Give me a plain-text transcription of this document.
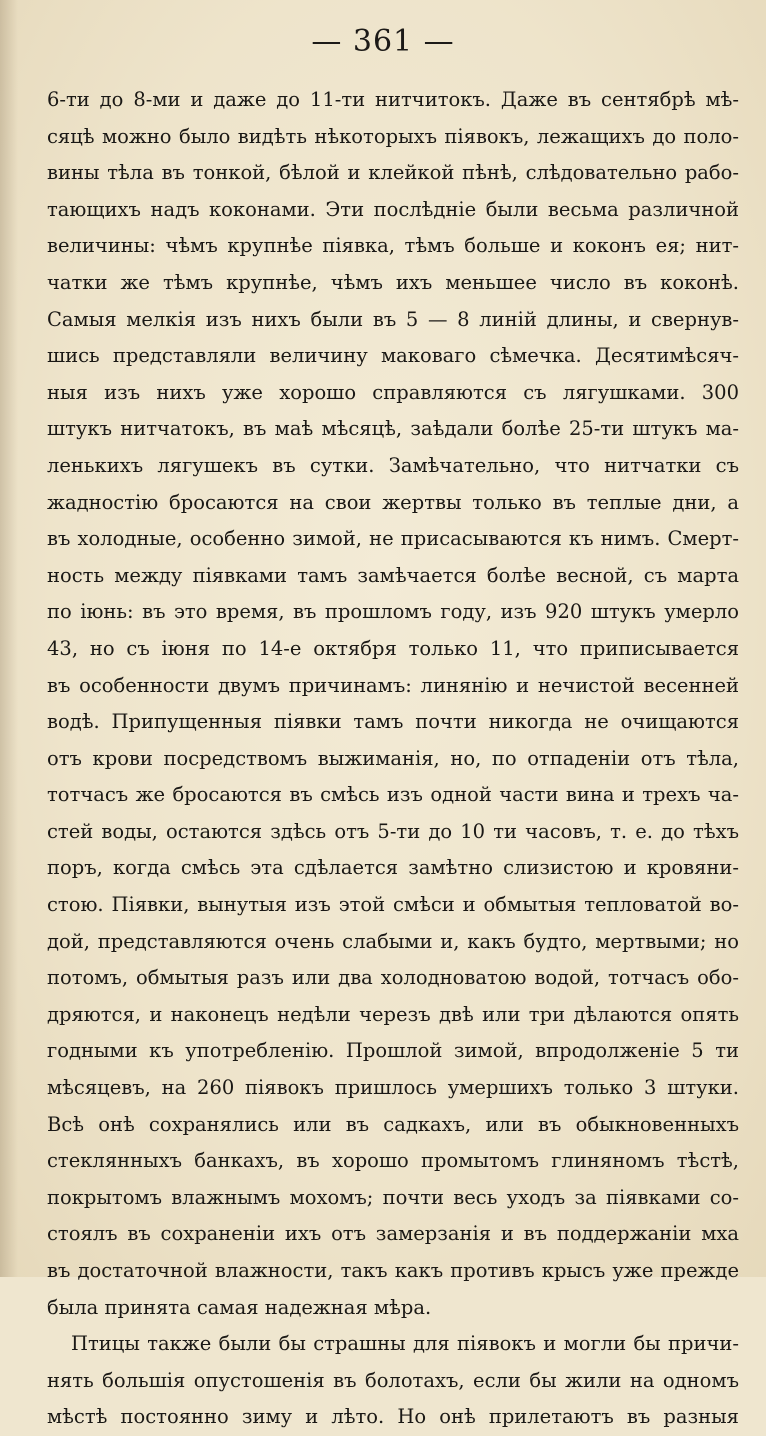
— 361 —
6-ти до 8-ми и даже до 11-ти нитчитокъ. Даже въ сентябрѣ мѣ-
сяцѣ можно было видѣть нѣкоторыхъ піявокъ, лежащихъ до поло-
вины тѣла въ тонкой, бѣлой и клейкой пѣнѣ, слѣдовательно рабо-
тающихъ надъ коконами. Эти послѣдніе были весьма различной
величины: чѣмъ крупнѣе піявка, тѣмъ больше и коконъ ея; нит-
чатки же тѣмъ крупнѣе, чѣмъ ихъ меньшее число въ коконѣ.
Самыя мелкія изъ нихъ были въ 5 — 8 линій длины, и свернув-
шись представляли величину маковаго сѣмечка. Десятимѣсяч-
ныя изъ нихъ уже хорошо справляются съ лягушками. 300
штукъ нитчатокъ, въ маѣ мѣсяцѣ, заѣдали болѣе 25-ти штукъ ма-
ленькихъ лягушекъ въ сутки. Замѣчательно, что нитчатки съ
жадностію бросаются на свои жертвы только въ теплые дни, а
въ холодные, особенно зимой, не присасываются къ нимъ. Смерт-
ность между піявками тамъ замѣчается болѣе весной, съ марта
по іюнь: въ это время, въ прошломъ году, изъ 920 штукъ умерло
43, но съ іюня по 14-е октября только 11, что приписывается
въ особенности двумъ причинамъ: линянію и нечистой весенней
водѣ. Припущенныя піявки тамъ почти никогда не очищаются
отъ крови посредствомъ выжиманія, но, по отпаденіи отъ тѣла,
тотчасъ же бросаются въ смѣсь изъ одной части вина и трехъ ча-
стей воды, остаются здѣсь отъ 5-ти до 10 ти часовъ, т. е. до тѣхъ
поръ, когда смѣсь эта сдѣлается замѣтно слизистою и кровяни-
стою. Піявки, вынутыя изъ этой смѣси и обмытыя тепловатой во-
дой, представляются очень слабыми и, какъ будто, мертвыми; но
потомъ, обмытыя разъ или два холодноватою водой, тотчасъ обо-
дряются, и наконецъ недѣли черезъ двѣ или три дѣлаются опять
годными къ употребленію. Прошлой зимой, впродолженіе 5 ти
мѣсяцевъ, на 260 піявокъ пришлось умершихъ только 3 штуки.
Всѣ онѣ сохранялись или въ садкахъ, или въ обыкновенныхъ
стеклянныхъ банкахъ, въ хорошо промытомъ глиняномъ тѣстѣ,
покрытомъ влажнымъ мохомъ; почти весь уходъ за піявками со-
стоялъ въ сохраненіи ихъ отъ замерзанія и въ поддержаніи мха
въ достаточной влажности, такъ какъ противъ крысъ уже прежде
была принята самая надежная мѣра.
Птицы также были бы страшны для піявокъ и могли бы причи-
нять большія опустошенія въ болотахъ, если бы жили на одномъ
мѣстѣ постоянно зиму и лѣто. Но онѣ прилетаютъ въ разныя
